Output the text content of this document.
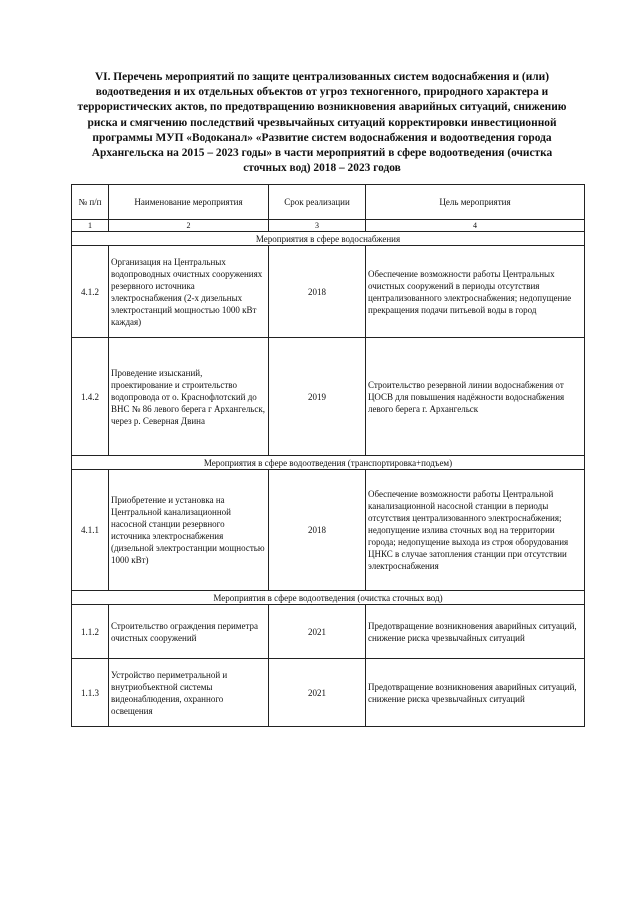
VI. Перечень мероприятий по защите централизованных систем водоснабжения и (или) водоотведения и их отдельных объектов от угроз техногенного, природного характера и террористических актов, по предотвращению возникновения аварийных ситуаций, снижению риска и смягчению последствий чрезвычайных ситуаций корректировки инвестиционной программы МУП «Водоканал» «Развитие систем водоснабжения и водоотведения города Архангельска на 2015 – 2023 годы» в части мероприятий в сфере водоотведения (очистка сточных вод) 2018 – 2023 годов
№ п/п	Наименование мероприятия	Срок реализации	Цель мероприятия
1	2	3	4
Мероприятия в сфере водоснабжения			
4.1.2	Организация на Центральных водопроводных очистных сооружениях резервного источника электроснабжения (2-х дизельных электростанций мощностью 1000 кВт каждая)	2018	Обеспечение возможности работы Центральных очистных сооружений в периоды отсутствия централизованного электроснабжения; недопущение прекращения подачи питьевой воды в город
1.4.2	Проведение изысканий, проектирование и строительство водопровода от о. Краснофлотский до ВНС № 86 левого берега г Архангельск, через р. Северная Двина	2019	Строительство резервной линии водоснабжения от ЦОСВ для повышения надёжности водоснабжения левого берега г. Архангельск
Мероприятия в сфере водоотведения (транспортировка+подъем)			
4.1.1	Приобретение и установка на Центральной канализационной насосной станции резервного источника электроснабжения (дизельной электростанции мощностью 1000 кВт)	2018	Обеспечение возможности работы Центральной канализационной насосной станции в периоды отсутствия централизованного электроснабжения; недопущение излива сточных вод на территории города; недопущение выхода из строя оборудования ЦНКС в случае затопления станции при отсутствии электроснабжения
Мероприятия в сфере водоотведения (очистка сточных вод)			
1.1.2	Строительство ограждения периметра очистных сооружений	2021	Предотвращение возникновения аварийных ситуаций, снижение риска чрезвычайных ситуаций
1.1.3	Устройство периметральной и внутриобъектной системы видеонаблюдения, охранного освещения	2021	Предотвращение возникновения аварийных ситуаций, снижение риска чрезвычайных ситуаций
